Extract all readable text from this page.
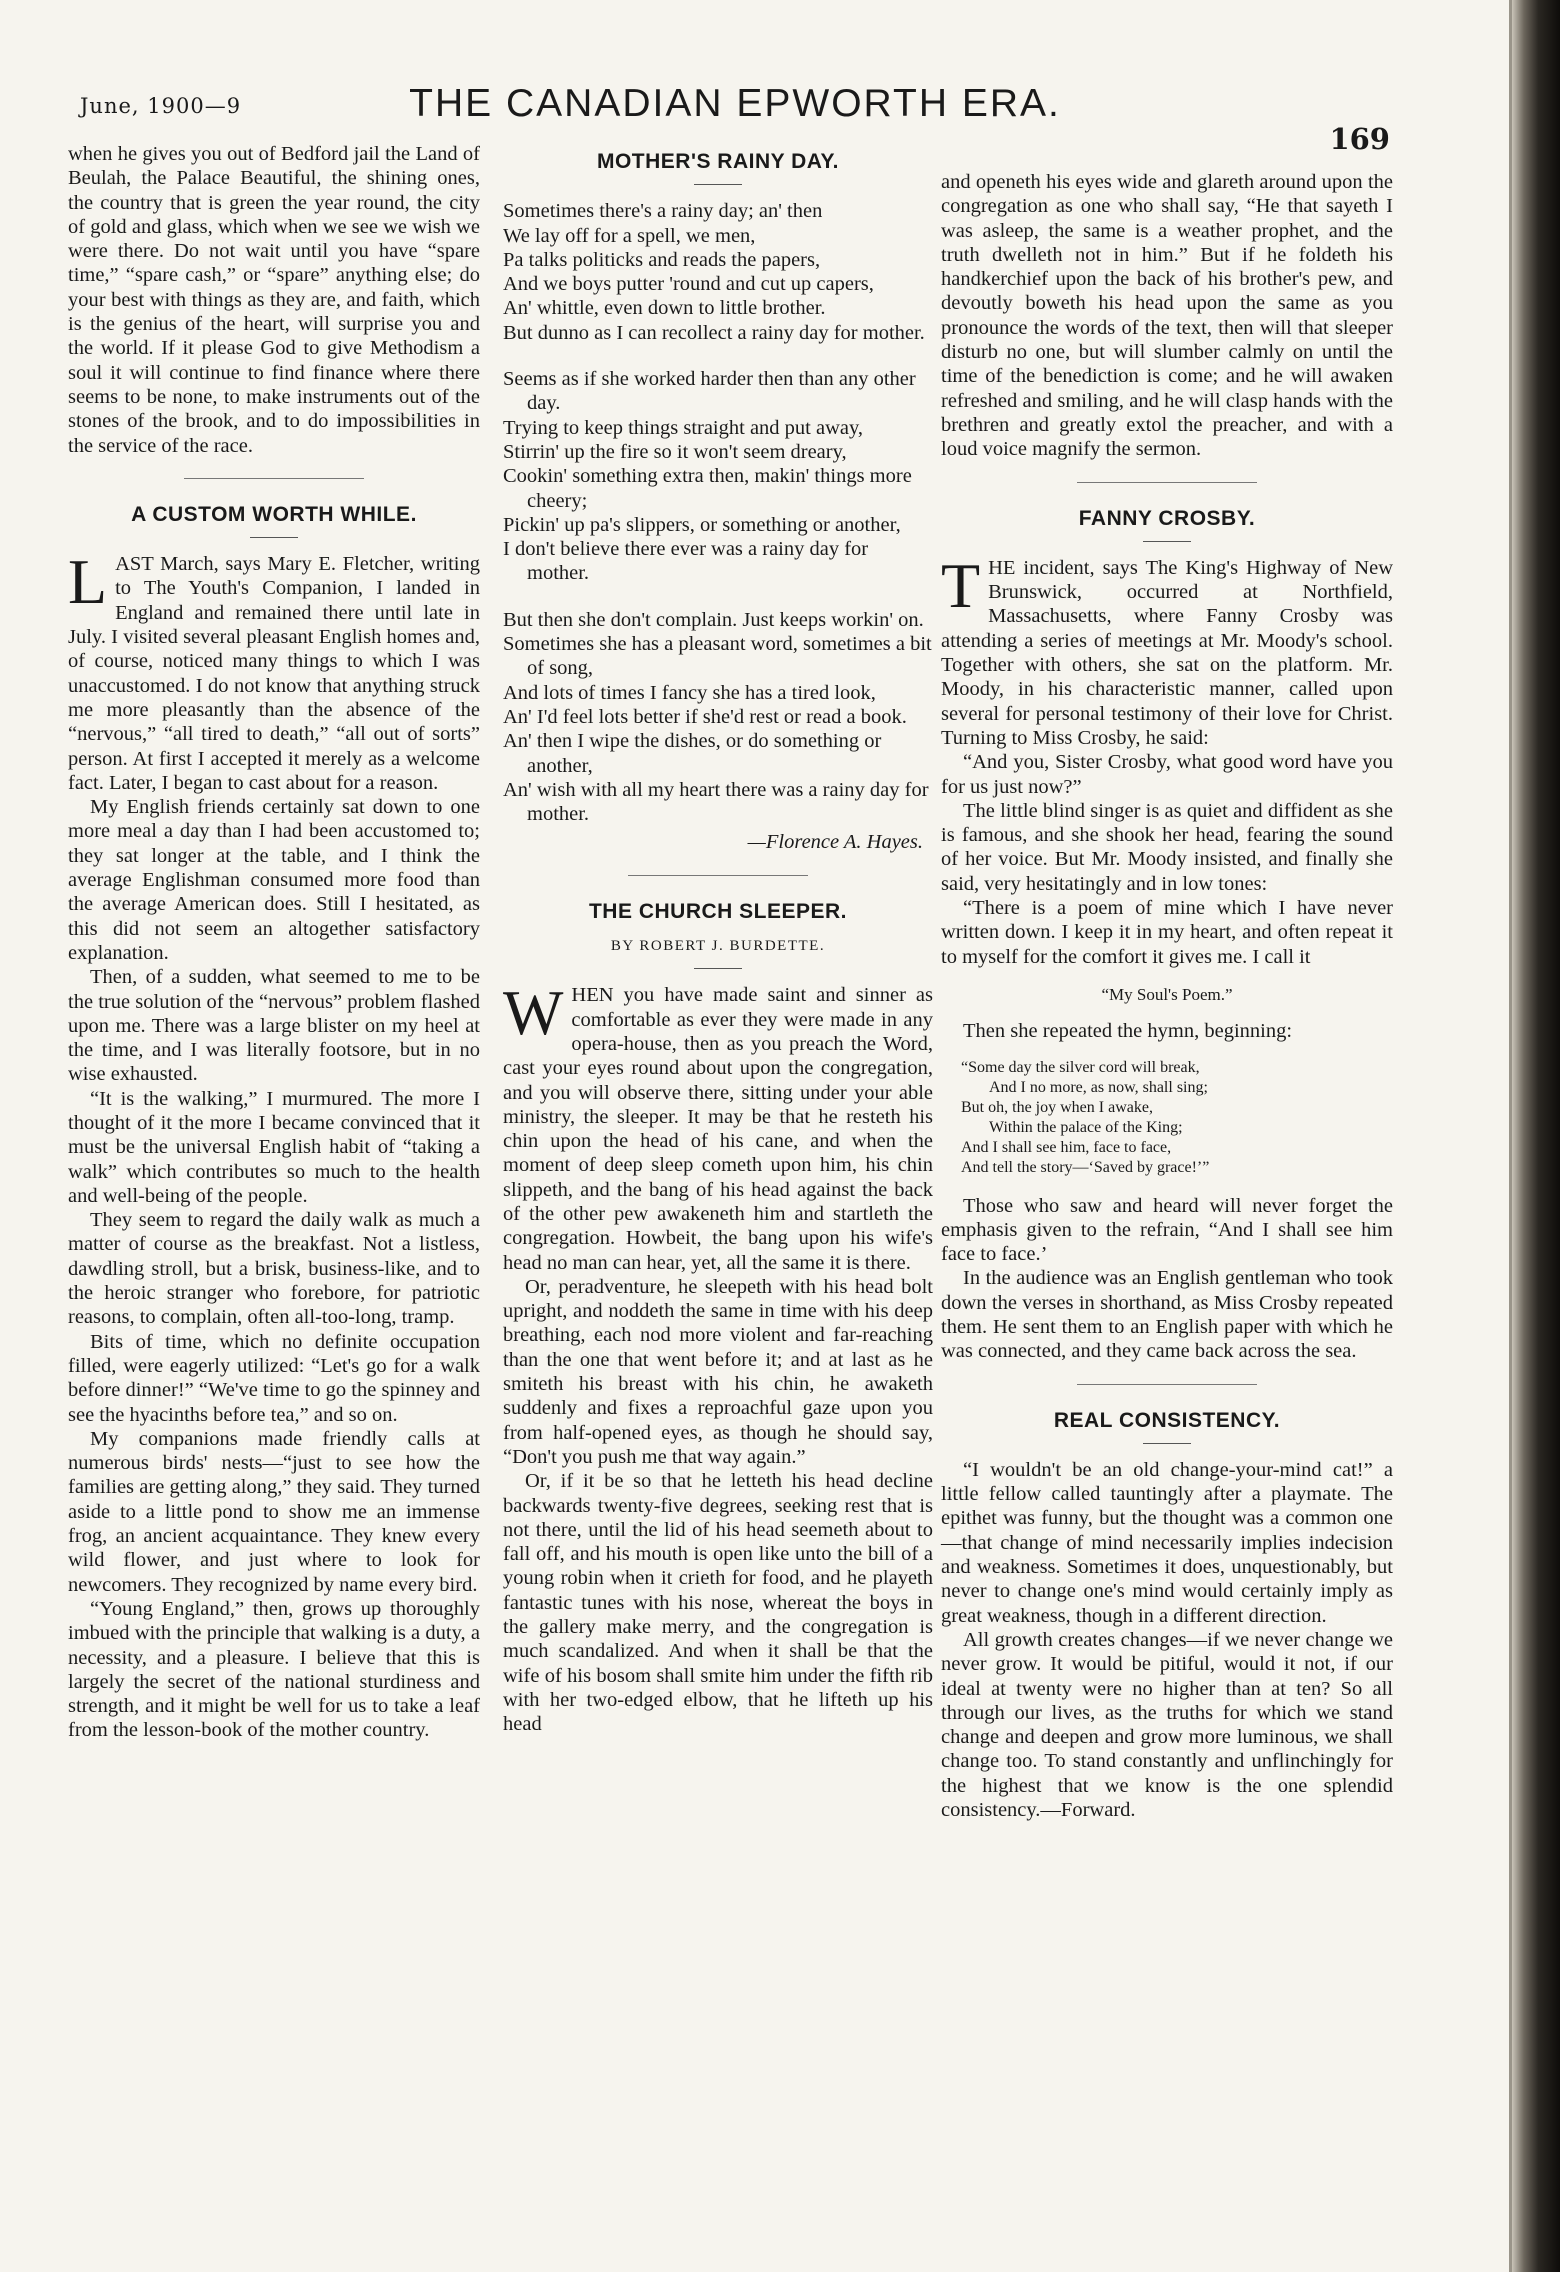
June, 1900—9	THE CANADIAN EPWORTH ERA.
169

when he gives you out of Bedford jail the Land of Beulah, the Palace Beautiful, the shining ones, the country that is green the year round, the city of gold and glass, which when we see we wish we were there. Do not wait until you have “spare time,” “spare cash,” or “spare” anything else; do your best with things as they are, and faith, which is the genius of the heart, will surprise you and the world. If it please God to give Methodism a soul it will continue to find finance where there seems to be none, to make instruments out of the stones of the brook, and to do impossibilities in the service of the race.

A CUSTOM WORTH WHILE.

LAST March, says Mary E. Fletcher, writing to The Youth's Companion, I landed in England and remained there until late in July. I visited several pleasant English homes and, of course, noticed many things to which I was unaccustomed. I do not know that anything struck me more pleasantly than the absence of the “nervous,” “all tired to death,” “all out of sorts” person. At first I accepted it merely as a welcome fact. Later, I began to cast about for a reason.

My English friends certainly sat down to one more meal a day than I had been accustomed to; they sat longer at the table, and I think the average Englishman consumed more food than the average American does. Still I hesitated, as this did not seem an altogether satisfactory explanation.

Then, of a sudden, what seemed to me to be the true solution of the “nervous” problem flashed upon me. There was a large blister on my heel at the time, and I was literally footsore, but in no wise exhausted.

“It is the walking,” I murmured. The more I thought of it the more I became convinced that it must be the universal English habit of “taking a walk” which contributes so much to the health and well-being of the people.

They seem to regard the daily walk as much a matter of course as the breakfast. Not a listless, dawdling stroll, but a brisk, business-like, and to the heroic stranger who forebore, for patriotic reasons, to complain, often all-too-long, tramp.

Bits of time, which no definite occupation filled, were eagerly utilized: “Let's go for a walk before dinner!” “We've time to go the spinney and see the hyacinths before tea,” and so on.

My companions made friendly calls at numerous birds' nests—“just to see how the families are getting along,” they said. They turned aside to a little pond to show me an immense frog, an ancient acquaintance. They knew every wild flower, and just where to look for newcomers. They recognized by name every bird.

“Young England,” then, grows up thoroughly imbued with the principle that walking is a duty, a necessity, and a pleasure. I believe that this is largely the secret of the national sturdiness and strength, and it might be well for us to take a leaf from the lesson-book of the mother country.

MOTHER'S RAINY DAY.
Sometimes there's a rainy day; an' then
We lay off for a spell, we men,
Pa talks politicks and reads the papers,
And we boys putter 'round and cut up capers,
An' whittle, even down to little brother.
But dunno as I can recollect a rainy day for mother.
Seems as if she worked harder then than any other day.
Trying to keep things straight and put away,
Stirrin' up the fire so it won't seem dreary,
Cookin' something extra then, makin' things more cheery;
Pickin' up pa's slippers, or something or another,
I don't believe there ever was a rainy day for mother.
But then she don't complain. Just keeps workin' on.
Sometimes she has a pleasant word, sometimes a bit of song,
And lots of times I fancy she has a tired look,
An' I'd feel lots better if she'd rest or read a book.
An' then I wipe the dishes, or do something or another,
An' wish with all my heart there was a rainy day for mother.
—Florence A. Hayes.
THE CHURCH SLEEPER.
BY ROBERT J. BURDETTE.

WHEN you have made saint and sinner as comfortable as ever they were made in any opera-house, then as you preach the Word, cast your eyes round about upon the congregation, and you will observe there, sitting under your able ministry, the sleeper. It may be that he resteth his chin upon the head of his cane, and when the moment of deep sleep cometh upon him, his chin slippeth, and the bang of his head against the back of the other pew awakeneth him and startleth the congregation. Howbeit, the bang upon his wife's head no man can hear, yet, all the same it is there.

Or, peradventure, he sleepeth with his head bolt upright, and noddeth the same in time with his deep breathing, each nod more violent and far-reaching than the one that went before it; and at last as he smiteth his breast with his chin, he awaketh suddenly and fixes a reproachful gaze upon you from half-opened eyes, as though he should say, “Don't you push me that way again.”

Or, if it be so that he letteth his head decline backwards twenty-five degrees, seeking rest that is not there, until the lid of his head seemeth about to fall off, and his mouth is open like unto the bill of a young robin when it crieth for food, and he playeth fantastic tunes with his nose, whereat the boys in the gallery make merry, and the congregation is much scandalized. And when it shall be that the wife of his bosom shall smite him under the fifth rib with her two-edged elbow, that he lifteth up his head

and openeth his eyes wide and glareth around upon the congregation as one who shall say, “He that sayeth I was asleep, the same is a weather prophet, and the truth dwelleth not in him.” But if he foldeth his handkerchief upon the back of his brother's pew, and devoutly boweth his head upon the same as you pronounce the words of the text, then will that sleeper disturb no one, but will slumber calmly on until the time of the benediction is come; and he will awaken refreshed and smiling, and he will clasp hands with the brethren and greatly extol the preacher, and with a loud voice magnify the sermon.

FANNY CROSBY.

THE incident, says The King's Highway of New Brunswick, occurred at Northfield, Massachusetts, where Fanny Crosby was attending a series of meetings at Mr. Moody's school. Together with others, she sat on the platform. Mr. Moody, in his characteristic manner, called upon several for personal testimony of their love for Christ. Turning to Miss Crosby, he said:

“And you, Sister Crosby, what good word have you for us just now?”

The little blind singer is as quiet and diffident as she is famous, and she shook her head, fearing the sound of her voice. But Mr. Moody insisted, and finally she said, very hesitatingly and in low tones:

“There is a poem of mine which I have never written down. I keep it in my heart, and often repeat it to myself for the comfort it gives me. I call it

“My Soul's Poem.”

Then she repeated the hymn, beginning:

“Some day the silver cord will break,
And I no more, as now, shall sing;
But oh, the joy when I awake,
Within the palace of the King;
And I shall see him, face to face,
And tell the story—‘Saved by grace!’”

Those who saw and heard will never forget the emphasis given to the refrain, “And I shall see him face to face.’

In the audience was an English gentleman who took down the verses in shorthand, as Miss Crosby repeated them. He sent them to an English paper with which he was connected, and they came back across the sea.

REAL CONSISTENCY.

“I wouldn't be an old change-your-mind cat!” a little fellow called tauntingly after a playmate. The epithet was funny, but the thought was a common one—that change of mind necessarily implies indecision and weakness. Sometimes it does, unquestionably, but never to change one's mind would certainly imply as great weakness, though in a different direction.

All growth creates changes—if we never change we never grow. It would be pitiful, would it not, if our ideal at twenty were no higher than at ten? So all through our lives, as the truths for which we stand change and deepen and grow more luminous, we shall change too. To stand constantly and unflinchingly for the highest that we know is the one splendid consistency.—Forward.
